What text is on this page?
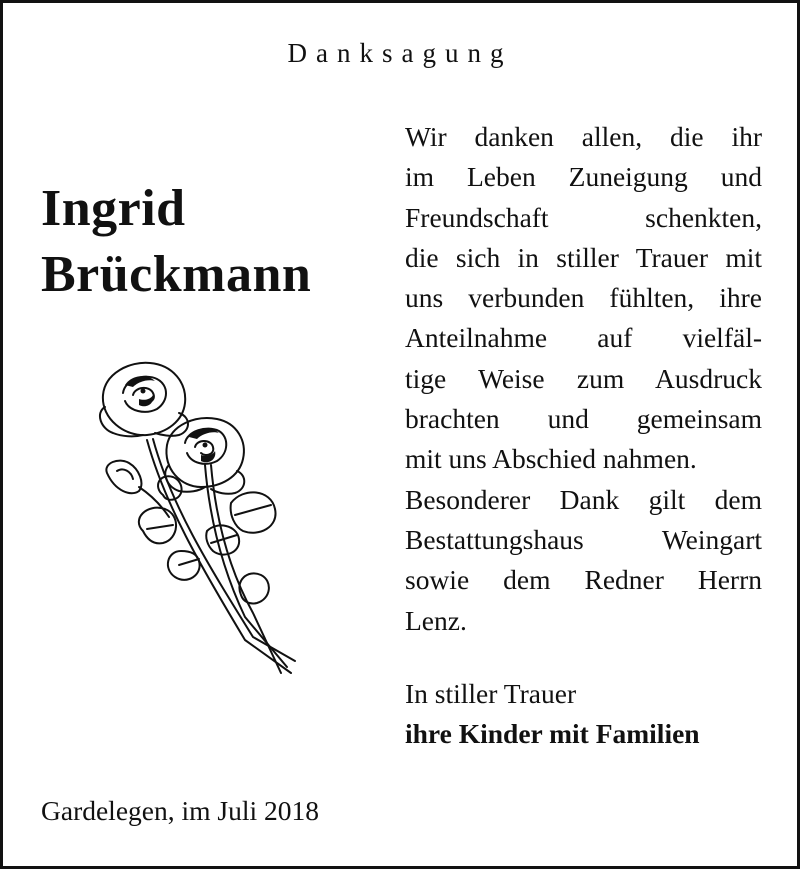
Danksagung
Ingrid
Brückmann
Wir danken allen, die ihr
im Leben Zuneigung und
Freundschaft schenkten,
die sich in stiller Trauer mit
uns verbunden fühlten, ihre
Anteilnahme auf vielfäl-
tige Weise zum Ausdruck
brachten und gemeinsam
mit uns Abschied nahmen.
Besonderer Dank gilt dem
Bestattungshaus Weingart
sowie dem Redner Herrn
Lenz.
In stiller Trauer
ihre Kinder mit Familien
Gardelegen, im Juli 2018
